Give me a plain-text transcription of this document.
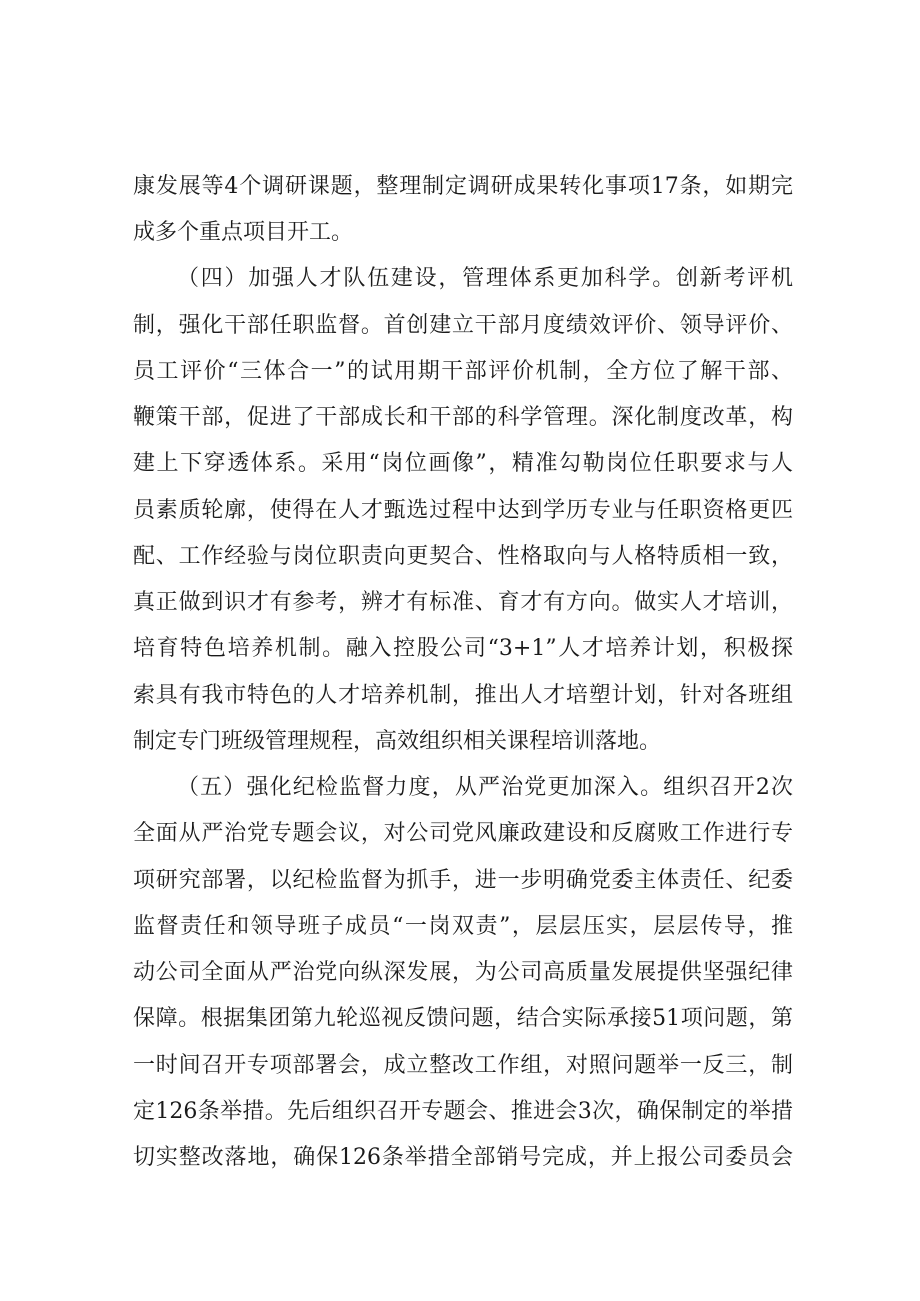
康发展等4个调研课题，整理制定调研成果转化事项17条，如期完
成多个重点项目开工。
（四）加强人才队伍建设，管理体系更加科学。创新考评机
制，强化干部任职监督。首创建立干部月度绩效评价、领导评价、
员工评价“三体合一”的试用期干部评价机制，全方位了解干部、
鞭策干部，促进了干部成长和干部的科学管理。深化制度改革，构
建上下穿透体系。采用“岗位画像”，精准勾勒岗位任职要求与人
员素质轮廓，使得在人才甄选过程中达到学历专业与任职资格更匹
配、工作经验与岗位职责向更契合、性格取向与人格特质相一致，
真正做到识才有参考，辨才有标准、育才有方向。做实人才培训，
培育特色培养机制。融入控股公司“3+1”人才培养计划，积极探
索具有我市特色的人才培养机制，推出人才培塑计划，针对各班组
制定专门班级管理规程，高效组织相关课程培训落地。
（五）强化纪检监督力度，从严治党更加深入。组织召开2次
全面从严治党专题会议，对公司党风廉政建设和反腐败工作进行专
项研究部署，以纪检监督为抓手，进一步明确党委主体责任、纪委
监督责任和领导班子成员“一岗双责”，层层压实，层层传导，推
动公司全面从严治党向纵深发展，为公司高质量发展提供坚强纪律
保障。根据集团第九轮巡视反馈问题，结合实际承接51项问题，第
一时间召开专项部署会，成立整改工作组，对照问题举一反三，制
定126条举措。先后组织召开专题会、推进会3次，确保制定的举措
切实整改落地，确保126条举措全部销号完成，并上报公司委员会
